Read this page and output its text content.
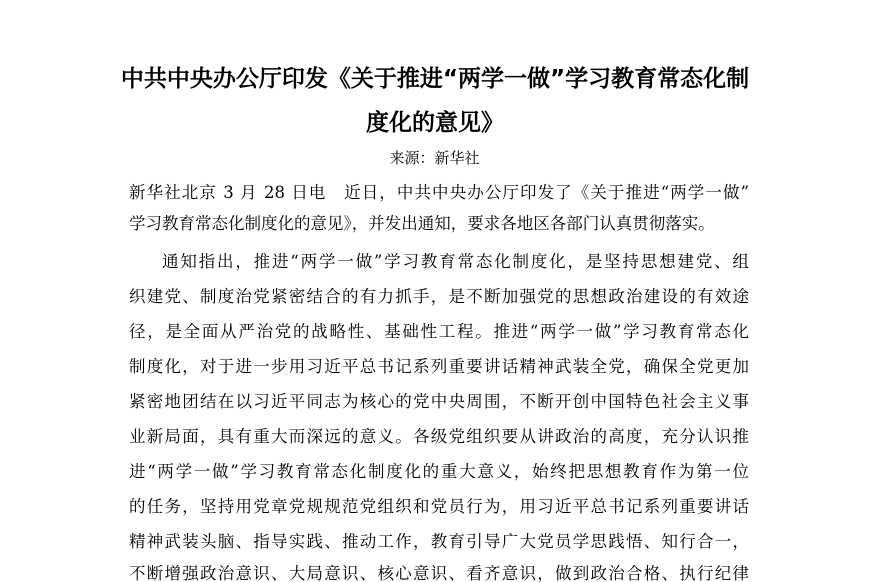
中共中央办公厅印发《关于推进“两学一做”学习教育常态化制
度化的意见》
来源：新华社
新华社北京 3 月 28 日电　近日，中共中央办公厅印发了《关于推进“两学一做”
学习教育常态化制度化的意见》，并发出通知，要求各地区各部门认真贯彻落实。
通知指出，推进“两学一做”学习教育常态化制度化，是坚持思想建党、组
织建党、制度治党紧密结合的有力抓手，是不断加强党的思想政治建设的有效途
径，是全面从严治党的战略性、基础性工程。推进“两学一做”学习教育常态化
制度化，对于进一步用习近平总书记系列重要讲话精神武装全党，确保全党更加
紧密地团结在以习近平同志为核心的党中央周围，不断开创中国特色社会主义事
业新局面，具有重大而深远的意义。各级党组织要从讲政治的高度，充分认识推
进“两学一做”学习教育常态化制度化的重大意义，始终把思想教育作为第一位
的任务，坚持用党章党规规范党组织和党员行为，用习近平总书记系列重要讲话
精神武装头脑、指导实践、推动工作，教育引导广大党员学思践悟、知行合一，
不断增强政治意识、大局意识、核心意识、看齐意识，做到政治合格、执行纪律
